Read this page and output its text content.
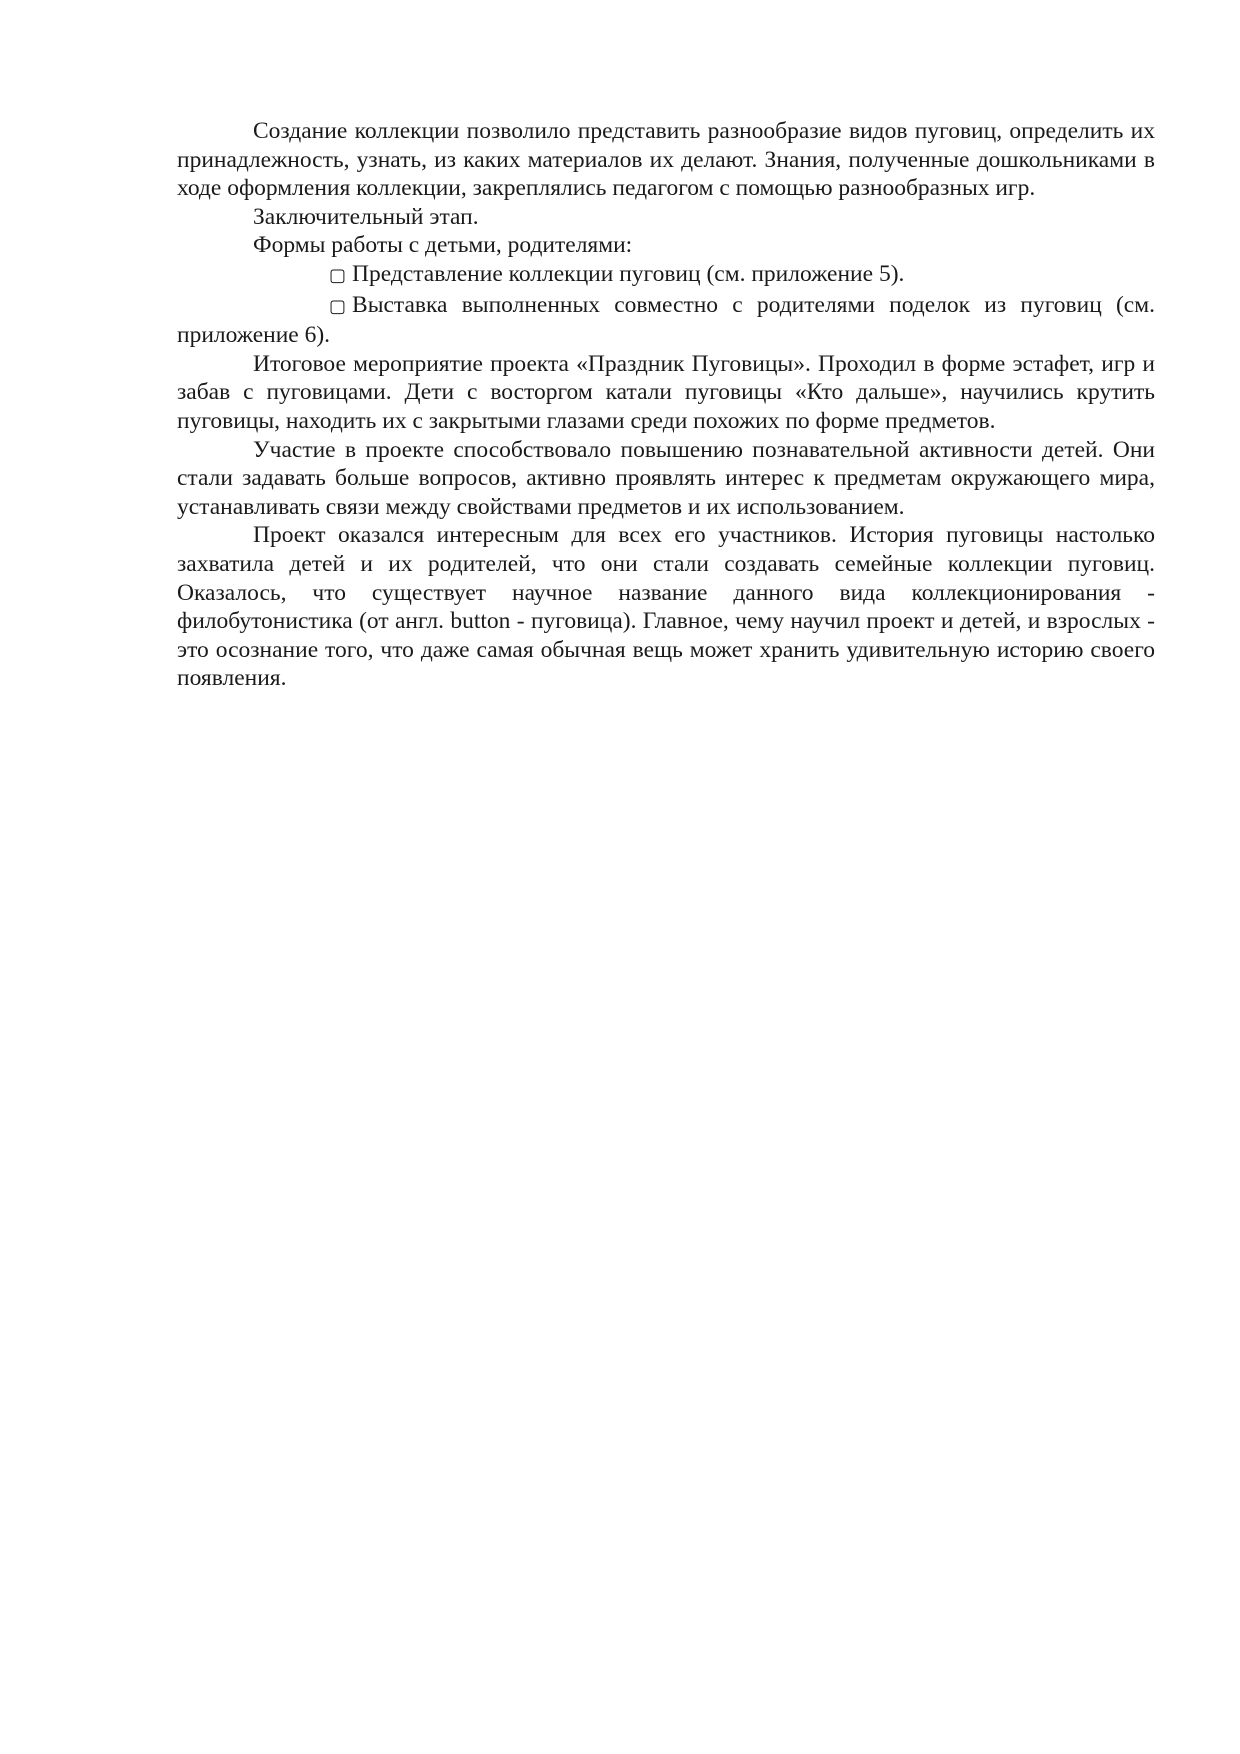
Создание коллекции позволило представить разнообразие видов пуговиц, определить их принадлежность, узнать, из каких материалов их делают. Знания, полученные дошкольниками в ходе оформления коллекции, закреплялись педагогом с помощью разнообразных игр.

Заключительный этап.

Формы работы с детьми, родителями:

▢ Представление коллекции пуговиц (см. приложение 5).

▢ Выставка выполненных совместно с родителями поделок из пуговиц (см. приложение 6).

Итоговое мероприятие проекта «Праздник Пуговицы». Проходил в форме эстафет, игр и забав с пуговицами. Дети с восторгом катали пуговицы «Кто дальше», научились крутить пуговицы, находить их с закрытыми глазами среди похожих по форме предметов.

Участие в проекте способствовало повышению познавательной активности детей. Они стали задавать больше вопросов, активно проявлять интерес к предметам окружающего мира, устанавливать связи между свойствами предметов и их использованием.

Проект оказался интересным для всех его участников. История пуговицы настолько захватила детей и их родителей, что они стали создавать семейные коллекции пуговиц. Оказалось, что существует научное название данного вида коллекционирования - филобутонистика (от англ. button - пуговица). Главное, чему научил проект и детей, и взрослых - это осознание того, что даже самая обычная вещь может хранить удивительную историю своего появления.
